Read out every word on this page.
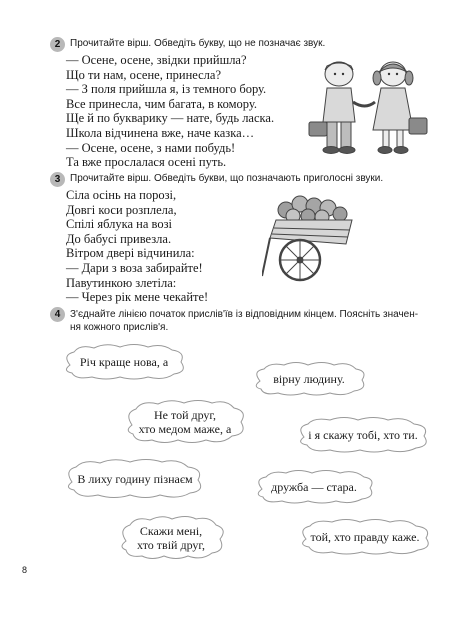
2 Прочитайте вірш. Обведіть букву, що не позначає звук.
— Осене, осене, звідки прийшла?
Що ти нам, осене, принесла?
— З поля прийшла я, із темного бору.
Все принесла, чим багата, в комору.
Ще й по букварику — нате, будь ласка.
Школа відчинена вже, наче казка…
— Осене, осене, з нами побудь!
Та вже прослалася осені путь.
3 Прочитайте вірш. Обведіть букви, що позначають приголосні звуки.
Сіла осінь на порозі,
Довгі коси розплела,
Спілі яблука на возі
До бабусі привезла.
Вітром двері відчинила:
— Дари з воза забирайте!
Павутинкою злетіла:
— Через рік мене чекайте!
4 З'єднайте лінією початок прислів'їв із відповідним кінцем. Поясніть значен-
ня кожного прислів'я.
Річ краще нова, а
вірну людину.
Не той друг,
хто медом маже, а	і я скажу тобі, хто ти.
В лиху годину пізнаєм
дружба — стара.
Скажи мені,
хто твій друг,
той, хто правду каже.
8
